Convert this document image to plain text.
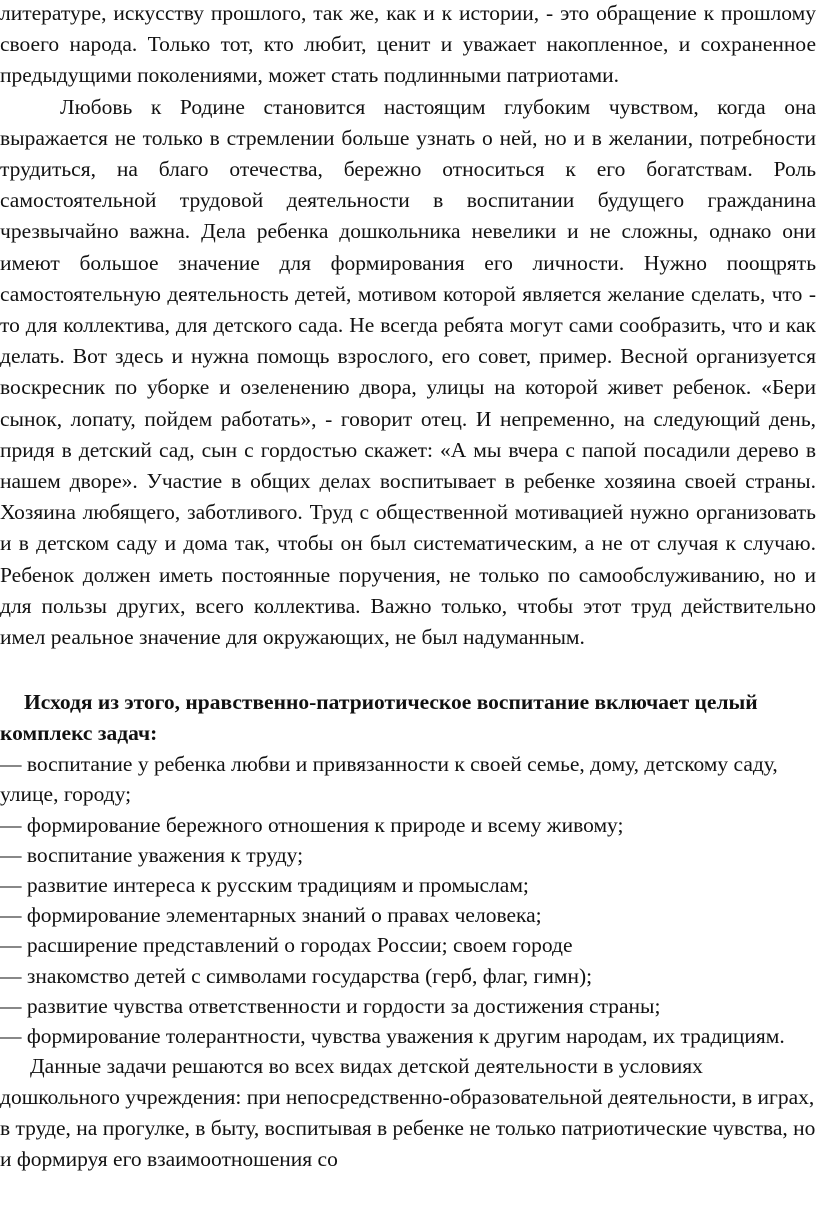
литературе, искусству прошлого, так же, как и к истории, - это обращение к прошлому своего народа. Только тот, кто любит, ценит и уважает накопленное, и сохраненное предыдущими поколениями, может стать подлинными патриотами.

Любовь к Родине становится настоящим глубоким чувством, когда она выражается не только в стремлении больше узнать о ней, но и в желании, потребности трудиться, на благо отечества, бережно относиться к его богатствам. Роль самостоятельной трудовой деятельности в воспитании будущего гражданина чрезвычайно важна. Дела ребенка дошкольника невелики и не сложны, однако они имеют большое значение для формирования его личности. Нужно поощрять самостоятельную деятельность детей, мотивом которой является желание сделать, что - то для коллектива, для детского сада. Не всегда ребята могут сами сообразить, что и как делать. Вот здесь и нужна помощь взрослого, его совет, пример. Весной организуется воскресник по уборке и озеленению двора, улицы на которой живет ребенок. «Бери сынок, лопату, пойдем работать», - говорит отец. И непременно, на следующий день, придя в детский сад, сын с гордостью скажет: «А мы вчера с папой посадили дерево в нашем дворе». Участие в общих делах воспитывает в ребенке хозяина своей страны. Хозяина любящего, заботливого. Труд с общественной мотивацией нужно организовать и в детском саду и дома так, чтобы он был систематическим, а не от случая к случаю. Ребенок должен иметь постоянные поручения, не только по самообслуживанию, но и для пользы других, всего коллектива. Важно только, чтобы этот труд действительно имел реальное значение для окружающих, не был надуманным.

Исходя из этого, нравственно-патриотическое воспитание включает целый комплекс задач:

— воспитание у ребенка любви и привязанности к своей семье, дому, детскому саду, улице, городу;
— формирование бережного отношения к природе и всему живому;
— воспитание уважения к труду;
— развитие интереса к русским традициям и промыслам;
— формирование элементарных знаний о правах человека;
— расширение представлений о городах России; своем городе
— знакомство детей с символами государства (герб, флаг, гимн);
— развитие чувства ответственности и гордости за достижения страны;
— формирование толерантности, чувства уважения к другим народам, их традициям.

Данные задачи решаются во всех видах детской деятельности в условиях дошкольного учреждения: при непосредственно-образовательной деятельности, в играх, в труде, на прогулке, в быту, воспитывая в ребенке не только патриотические чувства, но и формируя его взаимоотношения со
